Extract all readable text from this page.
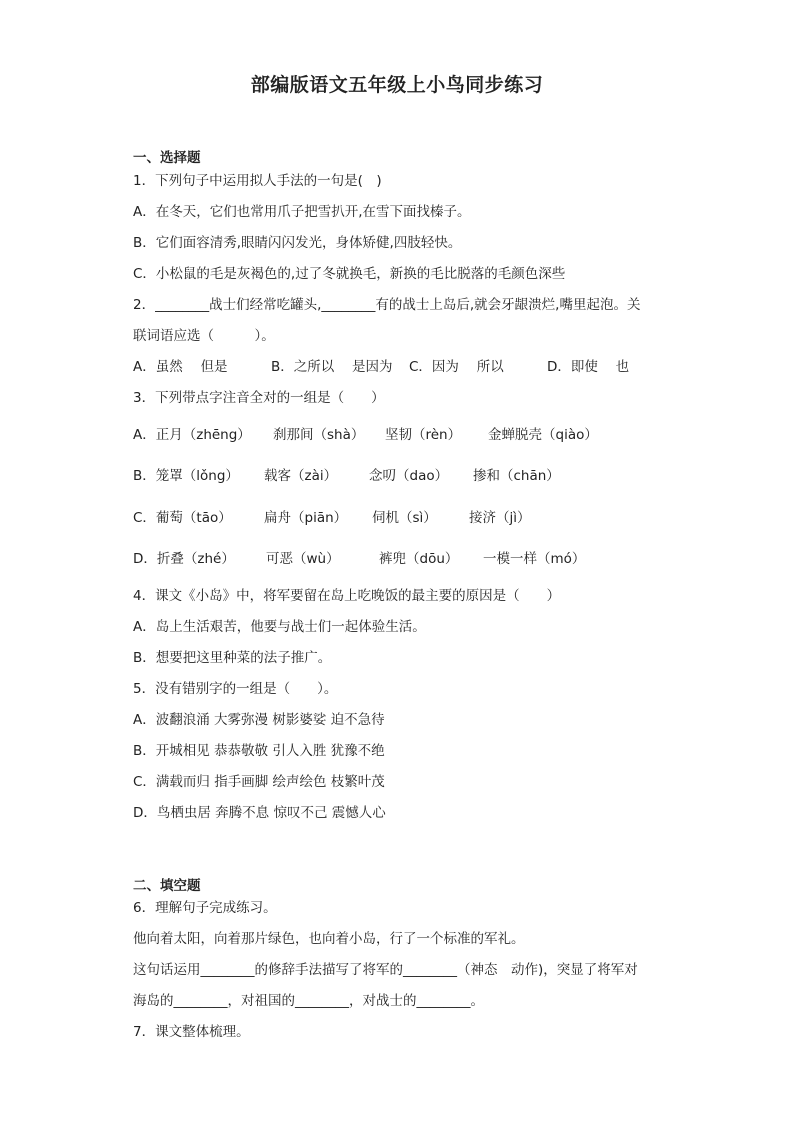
部编版语文五年级上小鸟同步练习
一、选择题
1．下列句子中运用拟人手法的一句是(　)
A．在冬天，它们也常用爪子把雪扒开,在雪下面找榛子。
B．它们面容清秀,眼睛闪闪发光，身体矫健,四肢轻快。
C．小松鼠的毛是灰褐色的,过了冬就换毛，新换的毛比脱落的毛颜色深些
2．________战士们经常吃罐头,________有的战士上岛后,就会牙龈溃烂,嘴里起泡。关
联词语应选（　　　）。
A．虽然　 但是	B．之所以　 是因为 C．因为　 所以	D．即使　 也
3．下列带点字注音全对的一组是（　　）
A．正月（zhēng） 刹那间（shà） 坚韧（rèn） 金蝉脱壳（qiào）
B．笼罩（lǒng） 载客（zài） 念叨（dao） 掺和（chān）
C．葡萄（tāo） 扁舟（piān） 伺机（sì） 接济（jì）
D．折叠（zhé） 可恶（wù）	裤兜（dōu） 一模一样（mó）
4．课文《小岛》中，将军要留在岛上吃晚饭的最主要的原因是（　　）
A．岛上生活艰苦，他要与战士们一起体验生活。
B．想要把这里种菜的法子推广。
5．没有错别字的一组是（　　）。
A．波翻浪涌 大雾弥漫 树影婆娑 迫不急待
B．开城相见 恭恭敬敬 引人入胜 犹豫不绝
C．满载而归 指手画脚 绘声绘色 枝繁叶茂
D．鸟栖虫居 奔腾不息 惊叹不己 震憾人心
二、填空题
6．理解句子完成练习。
他向着太阳，向着那片绿色，也向着小岛，行了一个标准的军礼。
这句话运用________的修辞手法描写了将军的________（神态　动作)，突显了将军对
海岛的________，对祖国的________，对战士的________。
7．课文整体梳理。
